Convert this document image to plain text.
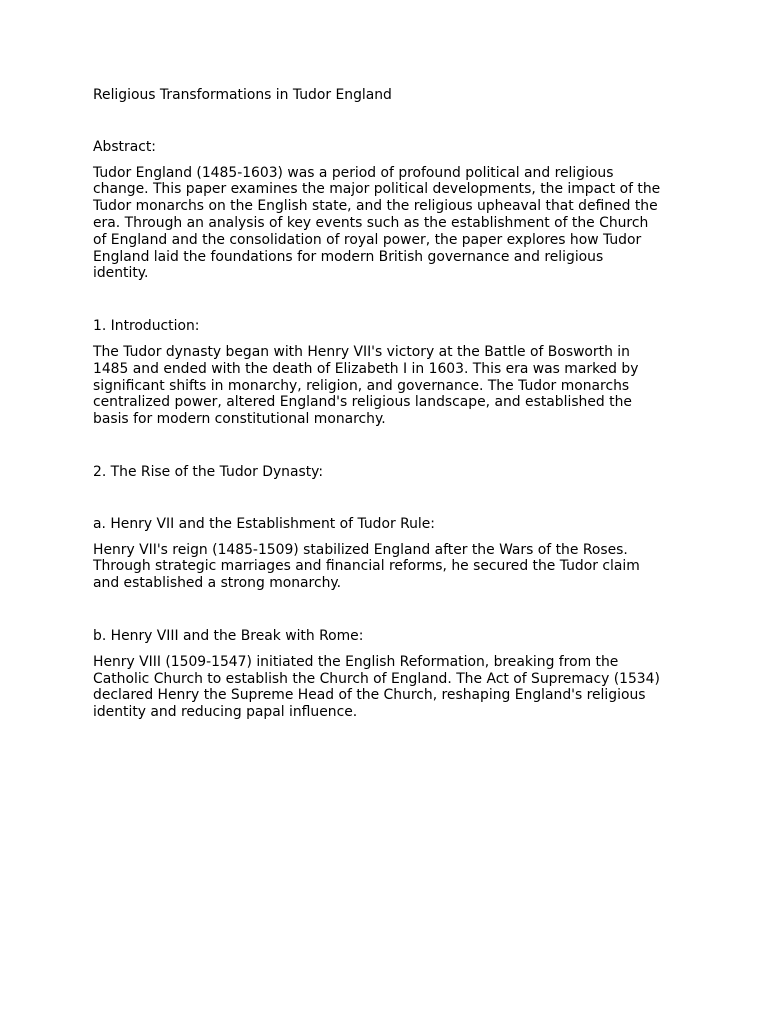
Religious Transformations in Tudor England
Abstract:
Tudor England (1485-1603) was a period of profound political and religious
change. This paper examines the major political developments, the impact of the
Tudor monarchs on the English state, and the religious upheaval that defined the
era. Through an analysis of key events such as the establishment of the Church
of England and the consolidation of royal power, the paper explores how Tudor
England laid the foundations for modern British governance and religious
identity.
1. Introduction:
The Tudor dynasty began with Henry VII's victory at the Battle of Bosworth in
1485 and ended with the death of Elizabeth I in 1603. This era was marked by
significant shifts in monarchy, religion, and governance. The Tudor monarchs
centralized power, altered England's religious landscape, and established the
basis for modern constitutional monarchy.
2. The Rise of the Tudor Dynasty:
a. Henry VII and the Establishment of Tudor Rule:
Henry VII's reign (1485-1509) stabilized England after the Wars of the Roses.
Through strategic marriages and financial reforms, he secured the Tudor claim
and established a strong monarchy.
b. Henry VIII and the Break with Rome:
Henry VIII (1509-1547) initiated the English Reformation, breaking from the
Catholic Church to establish the Church of England. The Act of Supremacy (1534)
declared Henry the Supreme Head of the Church, reshaping England's religious
identity and reducing papal influence.
